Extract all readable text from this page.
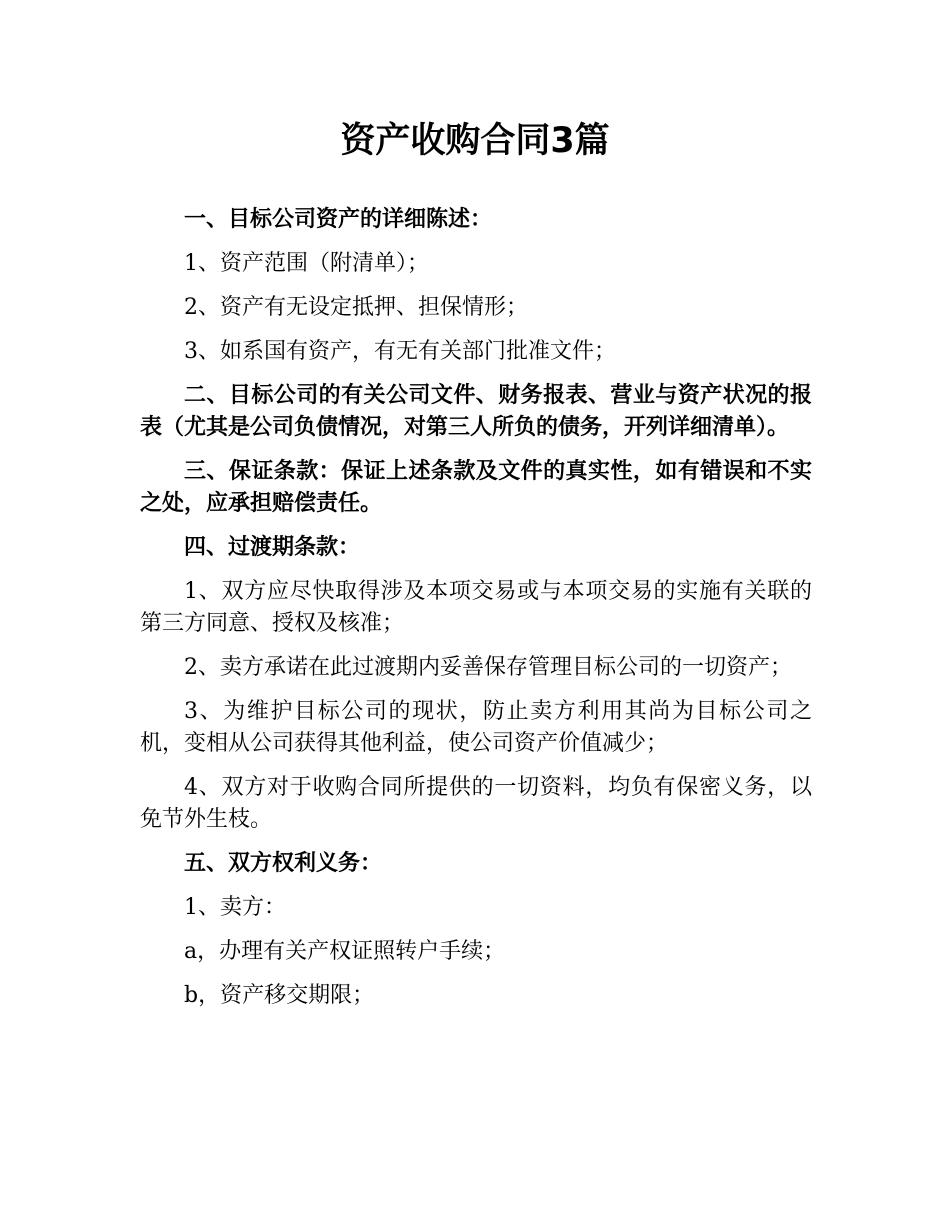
资产收购合同3篇

一、目标公司资产的详细陈述：

1、资产范围（附清单）；

2、资产有无设定抵押、担保情形；

3、如系国有资产，有无有关部门批准文件；

二、目标公司的有关公司文件、财务报表、营业与资产状况的报表（尤其是公司负债情况，对第三人所负的债务，开列详细清单）。

三、保证条款：保证上述条款及文件的真实性，如有错误和不实之处，应承担赔偿责任。

四、过渡期条款：

1、双方应尽快取得涉及本项交易或与本项交易的实施有关联的第三方同意、授权及核准；

2、卖方承诺在此过渡期内妥善保存管理目标公司的一切资产；

3、为维护目标公司的现状，防止卖方利用其尚为目标公司之机，变相从公司获得其他利益，使公司资产价值减少；

4、双方对于收购合同所提供的一切资料，均负有保密义务，以免节外生枝。

五、双方权利义务：

1、卖方：

a，办理有关产权证照转户手续；

b，资产移交期限；
